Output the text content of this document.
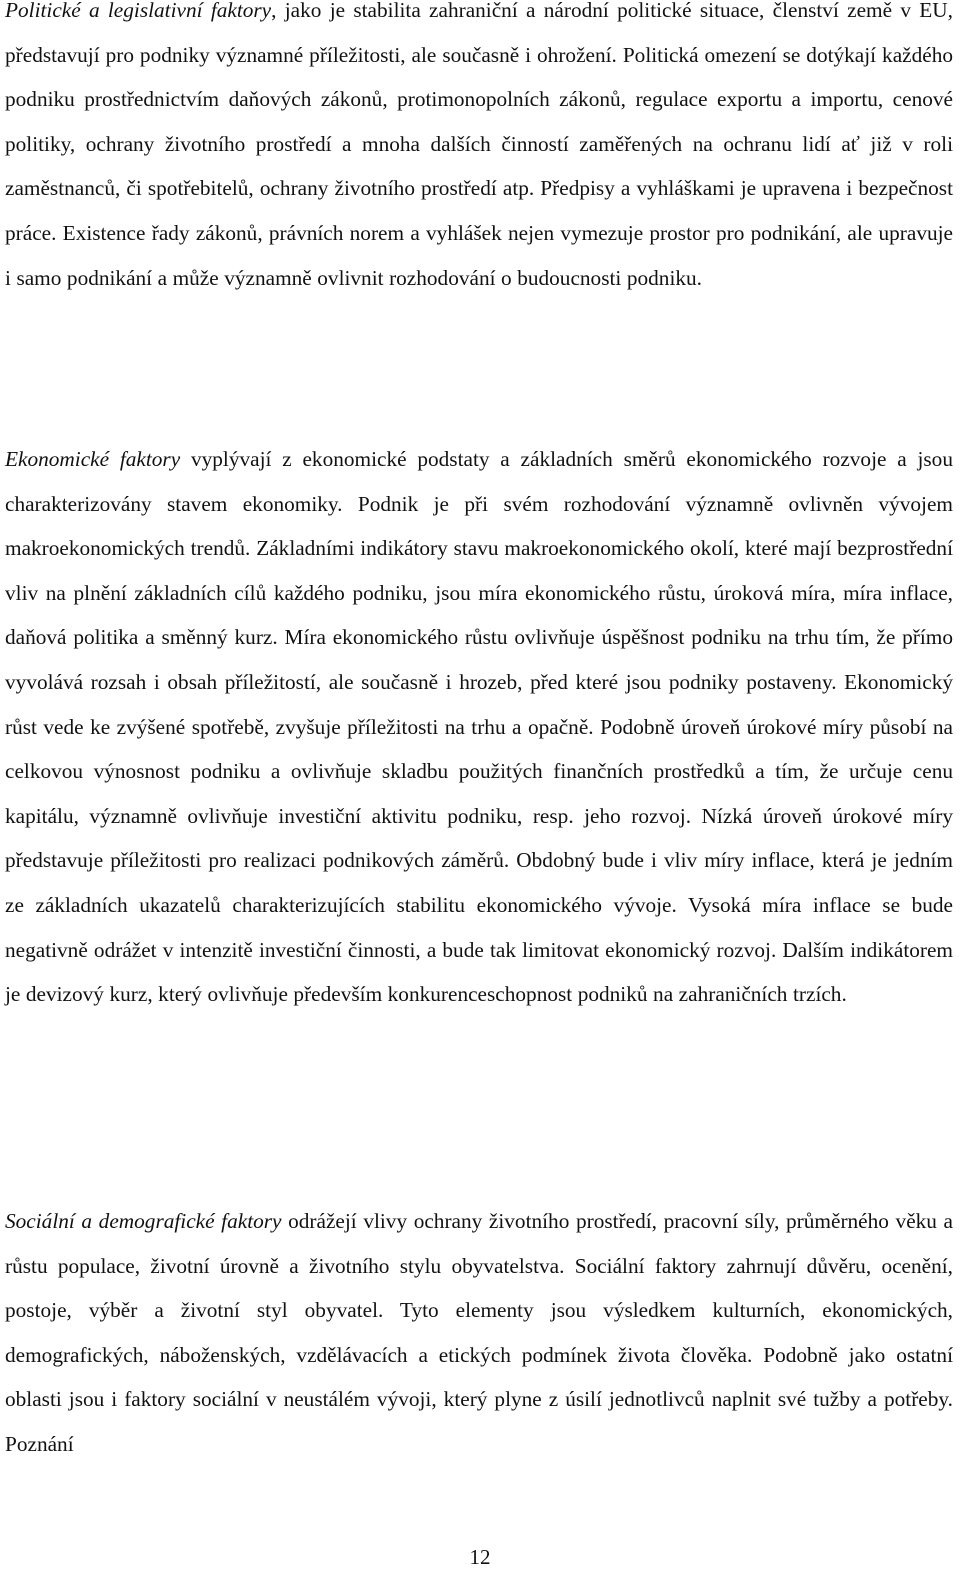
Politické a legislativní faktory, jako je stabilita zahraniční a národní politické situace, členství země v EU, představují pro podniky významné příležitosti, ale současně i ohrožení. Politická omezení se dotýkají každého podniku prostřednictvím daňových zákonů, protimonopolních zákonů, regulace exportu a importu, cenové politiky, ochrany životního prostředí a mnoha dalších činností zaměřených na ochranu lidí ať již v roli zaměstnanců, či spotřebitelů, ochrany životního prostředí atp. Předpisy a vyhláškami je upravena i bezpečnost práce. Existence řady zákonů, právních norem a vyhlášek nejen vymezuje prostor pro podnikání, ale upravuje i samo podnikání a může významně ovlivnit rozhodování o budoucnosti podniku.

Ekonomické faktory vyplývají z ekonomické podstaty a základních směrů ekonomického rozvoje a jsou charakterizovány stavem ekonomiky. Podnik je při svém rozhodování významně ovlivněn vývojem makroekonomických trendů. Základními indikátory stavu makroekonomického okolí, které mají bezprostřední vliv na plnění základních cílů každého podniku, jsou míra ekonomického růstu, úroková míra, míra inflace, daňová politika a směnný kurz. Míra ekonomického růstu ovlivňuje úspěšnost podniku na trhu tím, že přímo vyvolává rozsah i obsah příležitostí, ale současně i hrozeb, před které jsou podniky postaveny. Ekonomický růst vede ke zvýšené spotřebě, zvyšuje příležitosti na trhu a opačně. Podobně úroveň úrokové míry působí na celkovou výnosnost podniku a ovlivňuje skladbu použitých finančních prostředků a tím, že určuje cenu kapitálu, významně ovlivňuje investiční aktivitu podniku, resp. jeho rozvoj. Nízká úroveň úrokové míry představuje příležitosti pro realizaci podnikových záměrů. Obdobný bude i vliv míry inflace, která je jedním ze základních ukazatelů charakterizujících stabilitu ekonomického vývoje. Vysoká míra inflace se bude negativně odrážet v intenzitě investiční činnosti, a bude tak limitovat ekonomický rozvoj. Dalším indikátorem je devizový kurz, který ovlivňuje především konkurenceschopnost podniků na zahraničních trzích.

Sociální a demografické faktory odrážejí vlivy ochrany životního prostředí, pracovní síly, průměrného věku a růstu populace, životní úrovně a životního stylu obyvatelstva. Sociální faktory zahrnují důvěru, ocenění, postoje, výběr a životní styl obyvatel. Tyto elementy jsou výsledkem kulturních, ekonomických, demografických, náboženských, vzdělávacích a etických podmínek života člověka. Podobně jako ostatní oblasti jsou i faktory sociální v neustálém vývoji, který plyne z úsilí jednotlivců naplnit své tužby a potřeby. Poznání

12
